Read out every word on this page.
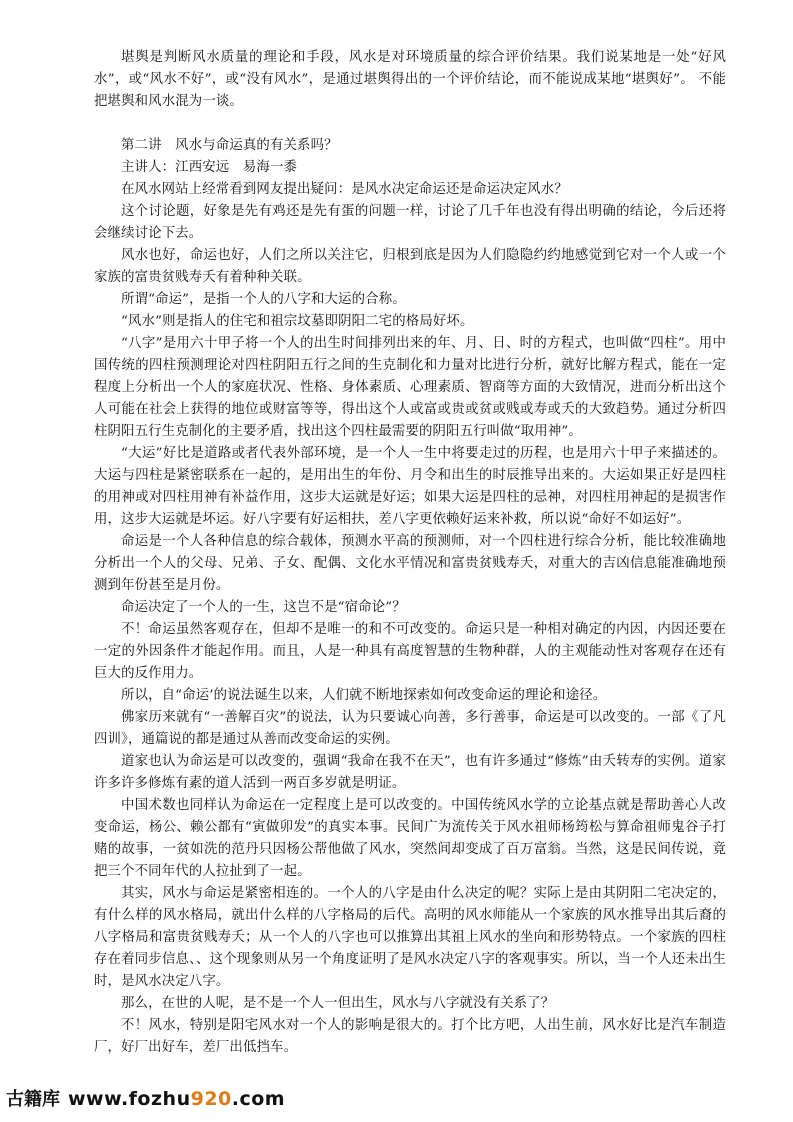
堪舆是判断风水质量的理论和手段，风水是对环境质量的综合评价结果。我们说某地是一处“好风水”，或“风水不好”，或“没有风水”，是通过堪舆得出的一个评价结论，而不能说成某地“堪舆好”。 不能把堪舆和风水混为一谈。

第二讲　风水与命运真的有关系吗？

主讲人：江西安远　易海一黍

在风水网站上经常看到网友提出疑问：是风水决定命运还是命运决定风水？

这个讨论题，好象是先有鸡还是先有蛋的问题一样，讨论了几千年也没有得出明确的结论，今后还将会继续讨论下去。

风水也好，命运也好，人们之所以关注它，归根到底是因为人们隐隐约约地感觉到它对一个人或一个家族的富贵贫贱寿夭有着种种关联。

所谓“命运”，是指一个人的八字和大运的合称。

“风水”则是指人的住宅和祖宗坟墓即阴阳二宅的格局好坏。

“八字”是用六十甲子将一个人的出生时间排列出来的年、月、日、时的方程式，也叫做“四柱”。用中国传统的四柱预测理论对四柱阴阳五行之间的生克制化和力量对比进行分析，就好比解方程式，能在一定程度上分析出一个人的家庭状况、性格、身体素质、心理素质、智商等方面的大致情况，进而分析出这个人可能在社会上获得的地位或财富等等，得出这个人或富或贵或贫或贱或寿或夭的大致趋势。通过分析四柱阴阳五行生克制化的主要矛盾，找出这个四柱最需要的阴阳五行叫做“取用神”。

“大运”好比是道路或者代表外部环境，是一个人一生中将要走过的历程，也是用六十甲子来描述的。大运与四柱是紧密联系在一起的，是用出生的年份、月令和出生的时辰推导出来的。大运如果正好是四柱的用神或对四柱用神有补益作用，这步大运就是好运；如果大运是四柱的忌神，对四柱用神起的是损害作用，这步大运就是坏运。好八字要有好运相扶，差八字更依赖好运来补救，所以说“命好不如运好”。

命运是一个人各种信息的综合载体，预测水平高的预测师，对一个四柱进行综合分析，能比较准确地分析出一个人的父母、兄弟、子女、配偶、文化水平情况和富贵贫贱寿夭，对重大的吉凶信息能准确地预测到年份甚至是月份。

命运决定了一个人的一生，这岂不是“宿命论”？

不！命运虽然客观存在，但却不是唯一的和不可改变的。命运只是一种相对确定的内因，内因还要在一定的外因条件才能起作用。而且，人是一种具有高度智慧的生物种群，人的主观能动性对客观存在还有巨大的反作用力。

所以，自“命运’的说法诞生以来，人们就不断地探索如何改变命运的理论和途径。

佛家历来就有“一善解百灾”的说法，认为只要诚心向善，多行善事，命运是可以改变的。一部《了凡四训》，通篇说的都是通过从善而改变命运的实例。

道家也认为命运是可以改变的，强调“我命在我不在天”，也有许多通过“修炼”由夭转寿的实例。道家许多许多修炼有素的道人活到一两百多岁就是明证。

中国术数也同样认为命运在一定程度上是可以改变的。中国传统风水学的立论基点就是帮助善心人改变命运，杨公、赖公都有“寅做卯发”的真实本事。民间广为流传关于风水祖师杨筠松与算命祖师鬼谷子打赌的故事，一贫如洗的范丹只因杨公帮他做了风水，突然间却变成了百万富翁。当然，这是民间传说，竟把三个不同年代的人拉扯到了一起。

其实，风水与命运是紧密相连的。一个人的八字是由什么决定的呢？实际上是由其阴阳二宅决定的，有什么样的风水格局，就出什么样的八字格局的后代。高明的风水师能从一个家族的风水推导出其后裔的八字格局和富贵贫贱寿夭；从一个人的八字也可以推算出其祖上风水的坐向和形势特点。一个家族的四柱存在着同步信息、、这个现象则从另一个角度证明了是风水决定八字的客观事实。所以，当一个人还未出生时，是风水决定八字。

那么，在世的人呢，是不是一个人一但出生，风水与八字就没有关系了？

不！风水，特别是阳宅风水对一个人的影响是很大的。打个比方吧，人出生前，风水好比是汽车制造厂，好厂出好车，差厂出低挡车。

古籍库 www.fozhu920.com
